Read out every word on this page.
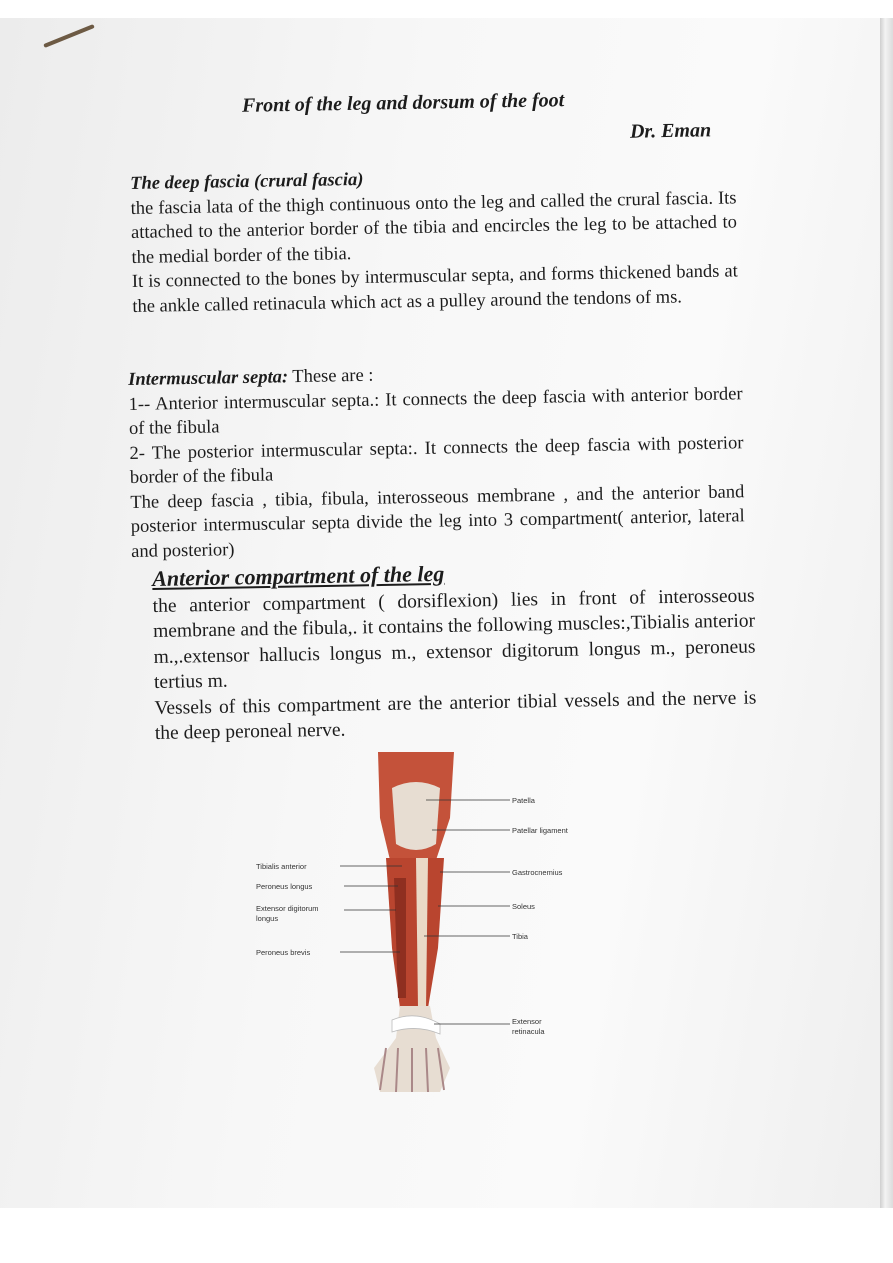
Front of the leg and dorsum of the foot
Dr. Eman

The deep fascia (crural fascia)

the fascia lata of the thigh continuous onto the leg and called the crural fascia. Its attached to the anterior border of the tibia and encircles the leg to be attached to the medial border of the tibia.

It is connected to the bones by intermuscular septa, and forms thickened bands at the ankle called retinacula which act as a pulley around the tendons of ms.

Intermuscular septa: These are :

1-- Anterior intermuscular septa.: It connects the deep fascia with anterior border of the fibula

2- The posterior intermuscular septa:. It connects the deep fascia with posterior border of the fibula

The deep fascia , tibia, fibula, interosseous membrane , and the anterior band posterior intermuscular septa divide the leg into 3 compartment( anterior, lateral and posterior)

Anterior compartment of the leg

the anterior compartment ( dorsiflexion) lies in front of interosseous membrane and the fibula,. it contains the following muscles:,Tibialis anterior m.,.extensor hallucis longus m., extensor digitorum longus m., peroneus tertius m.

Vessels of this compartment are the anterior tibial vessels and the nerve is the deep peroneal nerve.

Patella
Patellar ligament
Gastrocnemius
Soleus
Tibia
Extensor
retinacula
Tibialis anterior
Peroneus longus
Extensor digitorum
longus
Peroneus brevis
